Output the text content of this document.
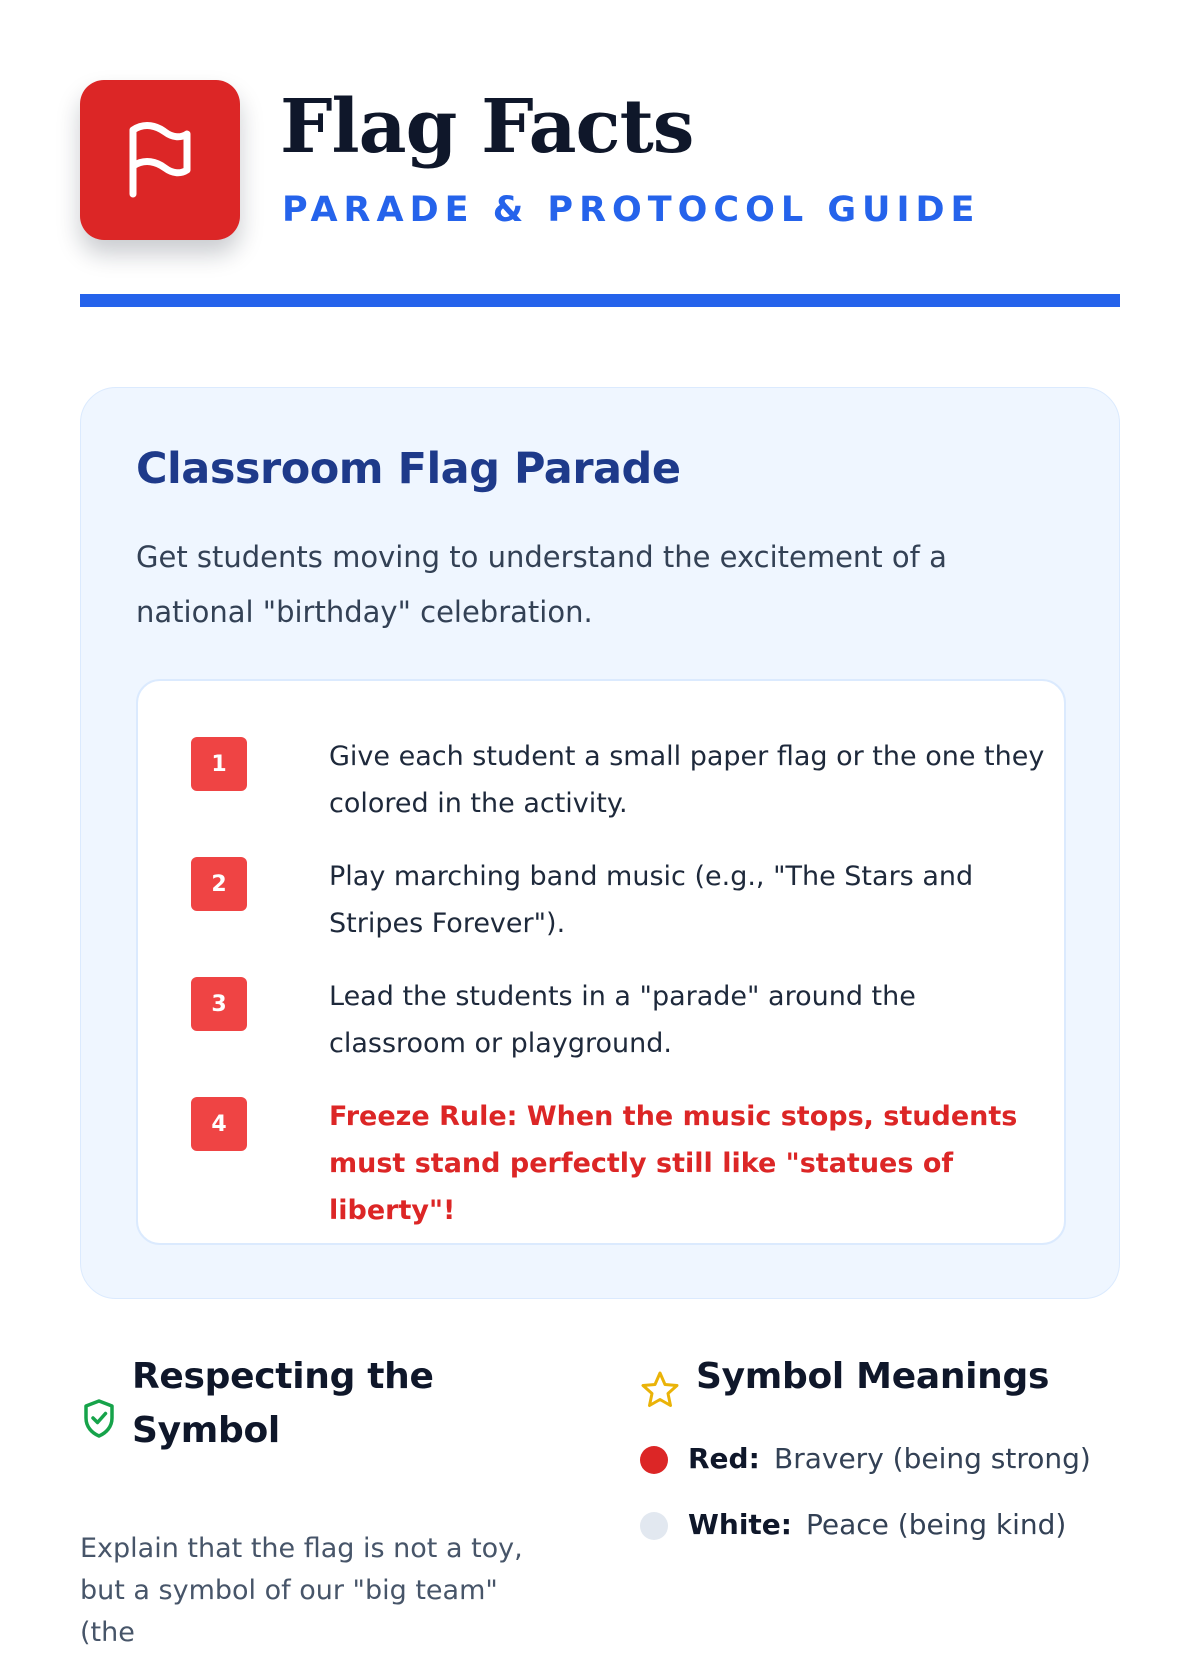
Flag Facts
PARADE & PROTOCOL GUIDE
Classroom Flag Parade
Get students moving to understand the excitement of a national "birthday" celebration.
1	Give each student a small paper flag or the one they colored in the activity.
2	Play marching band music (e.g., "The Stars and Stripes Forever").
3	Lead the students in a "parade" around the classroom or playground.
4	Freeze Rule: When the music stops, students must stand perfectly still like "statues of liberty"!
Respecting the Symbol
Explain that the flag is not a toy, but a symbol of our "big team" (the
Symbol Meanings
Red: Bravery (being strong)
White: Peace (being kind)
